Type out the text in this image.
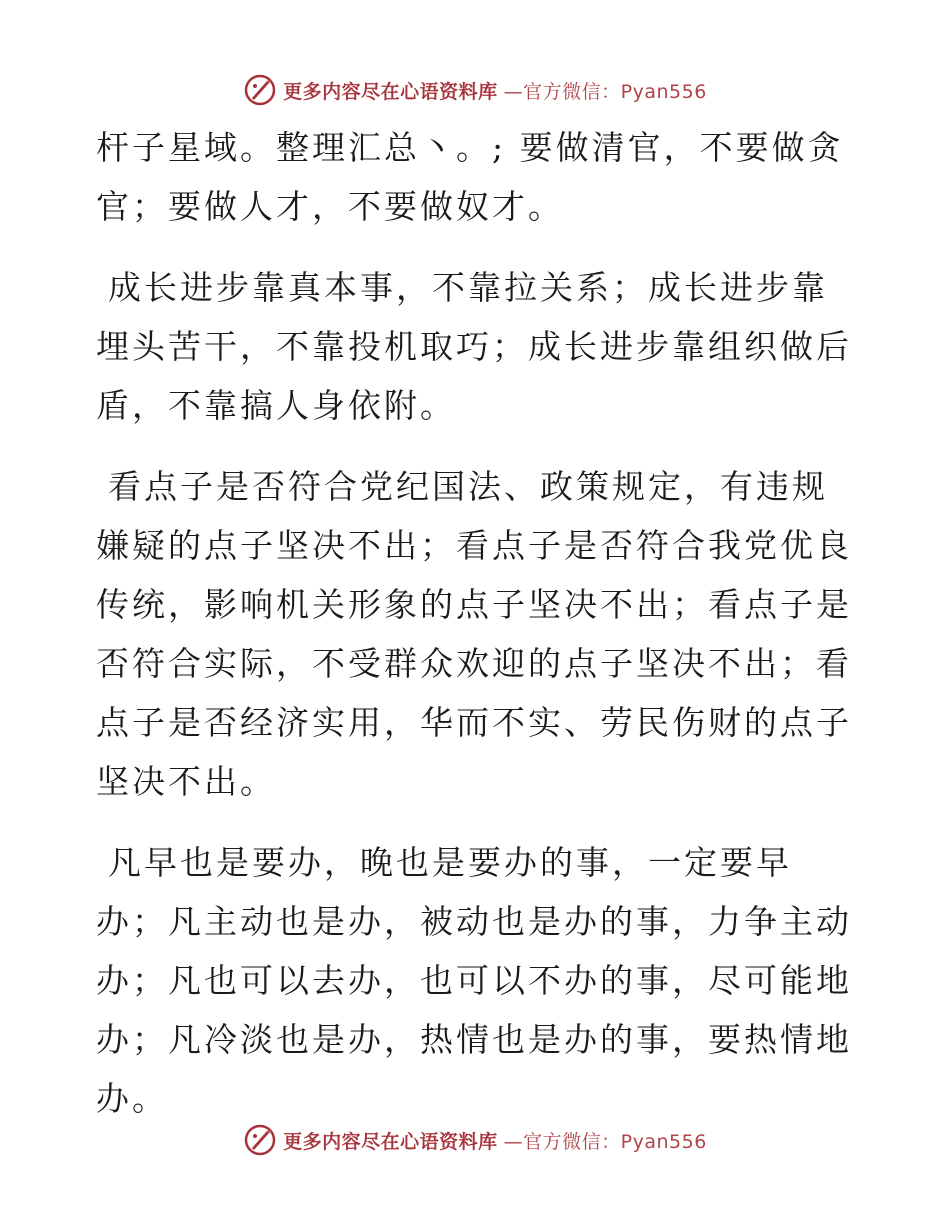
更多内容尽在心语资料库 —官方微信：Pyan556

杆子星域。整理汇总丶。; 要做清官，不要做贪官；要做人才，不要做奴才。

成长进步靠真本事，不靠拉关系；成长进步靠埋头苦干，不靠投机取巧；成长进步靠组织做后盾，不靠搞人身依附。

看点子是否符合党纪国法、政策规定，有违规嫌疑的点子坚决不出；看点子是否符合我党优良传统，影响机关形象的点子坚决不出；看点子是否符合实际，不受群众欢迎的点子坚决不出；看点子是否经济实用，华而不实、劳民伤财的点子坚决不出。

凡早也是要办，晚也是要办的事，一定要早办；凡主动也是办，被动也是办的事，力争主动办；凡也可以去办，也可以不办的事，尽可能地办；凡冷淡也是办，热情也是办的事，要热情地办。

更多内容尽在心语资料库 —官方微信：Pyan556
